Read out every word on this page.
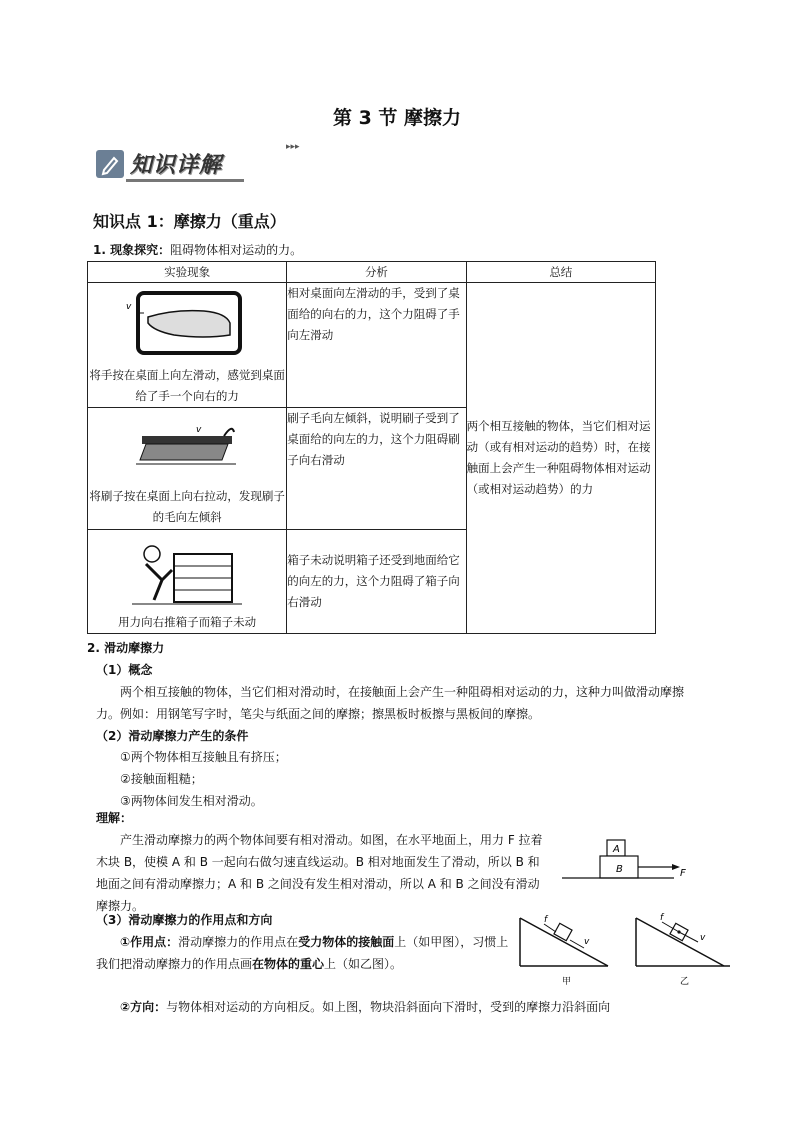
第 3 节 摩擦力
知识详解
▸▸▸
知识点 1：摩擦力（重点）
1. 现象探究：阻碍物体相对运动的力。
实验现象	分析	总结

v
将手按在桌面上向左滑动，感觉到桌面给了手一个向右的力	相对桌面向左滑动的手，受到了桌面给的向右的力，这个力阻碍了手向左滑动	两个相互接触的物体，当它们相对运动（或有相对运动的趋势）时，在接触面上会产生一种阻碍物体相对运动（或相对运动趋势）的力

v
将刷子按在桌面上向右拉动，发现刷子的毛向左倾斜	刷子毛向左倾斜，说明刷子受到了桌面给的向左的力，这个力阻碍刷子向右滑动	

用力向右推箱子而箱子未动	箱子未动说明箱子还受到地面给它的向左的力，这个力阻碍了箱子向右滑动	
2. 滑动摩擦力
（1）概念
两个相互接触的物体，当它们相对滑动时，在接触面上会产生一种阻碍相对运动的力，这种力叫做滑动摩擦力。例如：用钢笔写字时，笔尖与纸面之间的摩擦；擦黑板时板擦与黑板间的摩擦。
（2）滑动摩擦力产生的条件
①两个物体相互接触且有挤压；
②接触面粗糙；
③两物体间发生相对滑动。
理解：
产生滑动摩擦力的两个物体间要有相对滑动。如图，在水平地面上，用力 F 拉着木块 B，使模 A 和 B 一起向右做匀速直线运动。B 相对地面发生了滑动，所以 B 和地面之间有滑动摩擦力；A 和 B 之间没有发生相对滑动，所以 A 和 B 之间没有滑动摩擦力。
A
B	F
（3）滑动摩擦力的作用点和方向
①作用点：滑动摩擦力的作用点在受力物体的接触面上（如甲图），习惯上我们把滑动摩擦力的作用点画在物体的重心上（如乙图）。
f
v
甲
f
v
乙
②方向：与物体相对运动的方向相反。如上图，物块沿斜面向下滑时，受到的摩擦力沿斜面向
